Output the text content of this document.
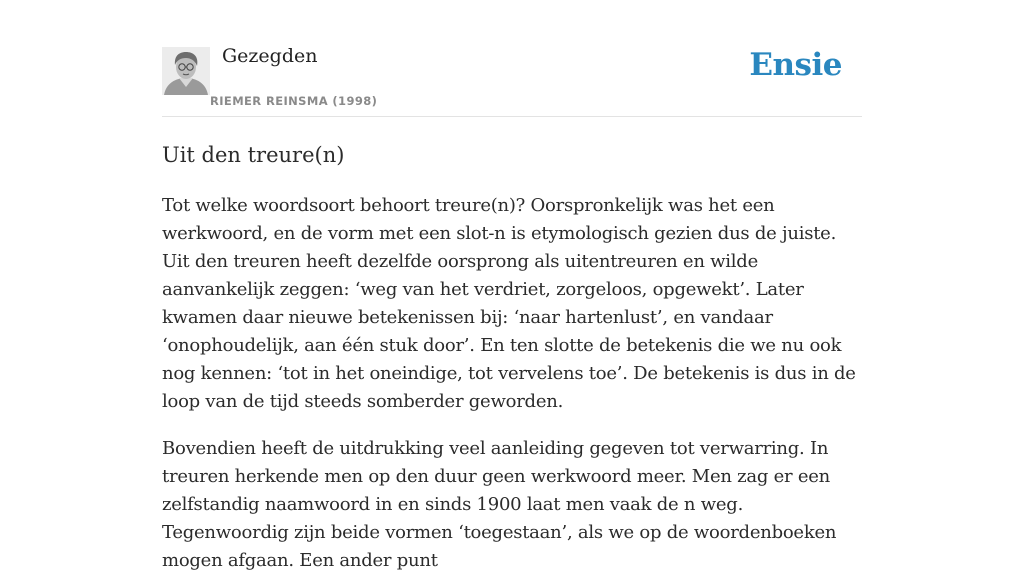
Gezegden
RIEMER REINSMA (1998)
Ensie
Uit den treure(n)

Tot welke woordsoort behoort treure(n)? Oorspronkelijk was het een werkwoord, en de vorm met een slot-n is etymologisch gezien dus de juiste. Uit den treuren heeft dezelfde oorsprong als uitentreuren en wilde aanvankelijk zeggen: ‘weg van het verdriet, zorgeloos, opgewekt’. Later kwamen daar nieuwe betekenissen bij: ‘naar hartenlust’, en vandaar ‘onophoudelijk, aan één stuk door’. En ten slotte de betekenis die we nu ook nog kennen: ‘tot in het oneindige, tot vervelens toe’. De betekenis is dus in de loop van de tijd steeds somberder geworden.

Bovendien heeft de uitdrukking veel aanleiding gegeven tot verwarring. In treuren herkende men op den duur geen werkwoord meer. Men zag er een zelfstandig naamwoord in en sinds 1900 laat men vaak de n weg. Tegenwoordig zijn beide vormen ‘toegestaan’, als we op de woordenboeken mogen afgaan. Een ander punt
